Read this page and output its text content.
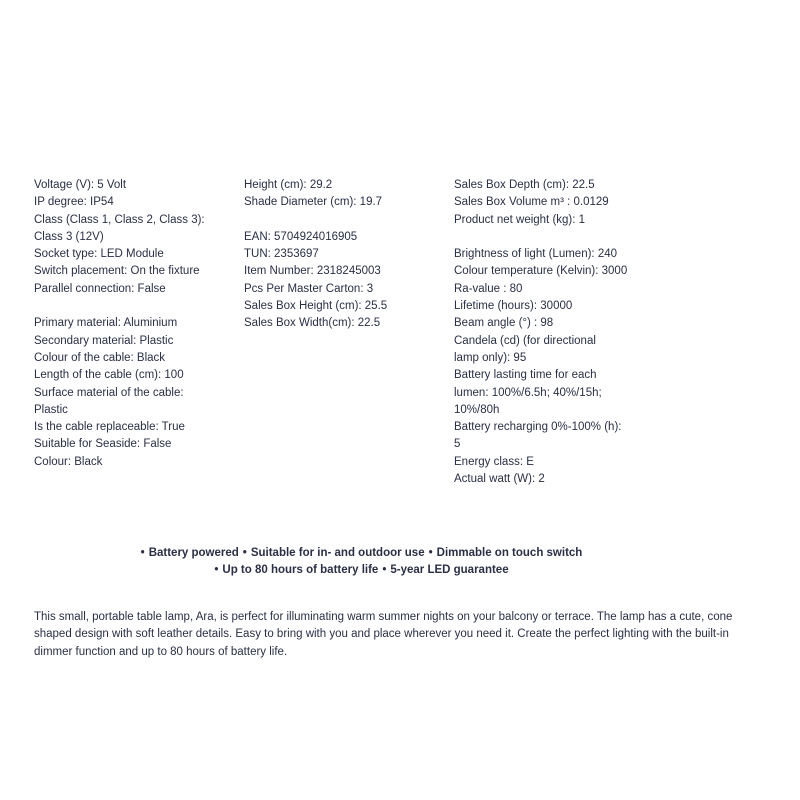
Voltage (V): 5 Volt
IP degree: IP54
Class (Class 1, Class 2, Class 3):
Class 3 (12V)
Socket type: LED Module
Switch placement: On the fixture
Parallel connection: False
Primary material: Aluminium
Secondary material: Plastic
Colour of the cable: Black
Length of the cable (cm): 100
Surface material of the cable:
Plastic
Is the cable replaceable: True
Suitable for Seaside: False
Colour: Black
Height (cm): 29.2
Shade Diameter (cm): 19.7
EAN: 5704924016905
TUN: 2353697
Item Number: 2318245003
Pcs Per Master Carton: 3
Sales Box Height (cm): 25.5
Sales Box Width(cm): 22.5
Sales Box Depth (cm): 22.5
Sales Box Volume m³ : 0.0129
Product net weight (kg): 1
Brightness of light (Lumen): 240
Colour temperature (Kelvin): 3000
Ra-value : 80
Lifetime (hours): 30000
Beam angle (°) : 98
Candela (cd) (for directional
lamp only): 95
Battery lasting time for each
lumen: 100%/6.5h; 40%/15h;
10%/80h
Battery recharging 0%-100% (h):
5
Energy class: E
Actual watt (W): 2
• Battery powered • Suitable for in- and outdoor use • Dimmable on touch switch
• Up to 80 hours of battery life • 5-year LED guarantee
This small, portable table lamp, Ara, is perfect for illuminating warm summer nights on your balcony or terrace. The lamp has a cute, cone shaped design with soft leather details. Easy to bring with you and place wherever you need it. Create the perfect lighting with the built-in dimmer function and up to 80 hours of battery life.
